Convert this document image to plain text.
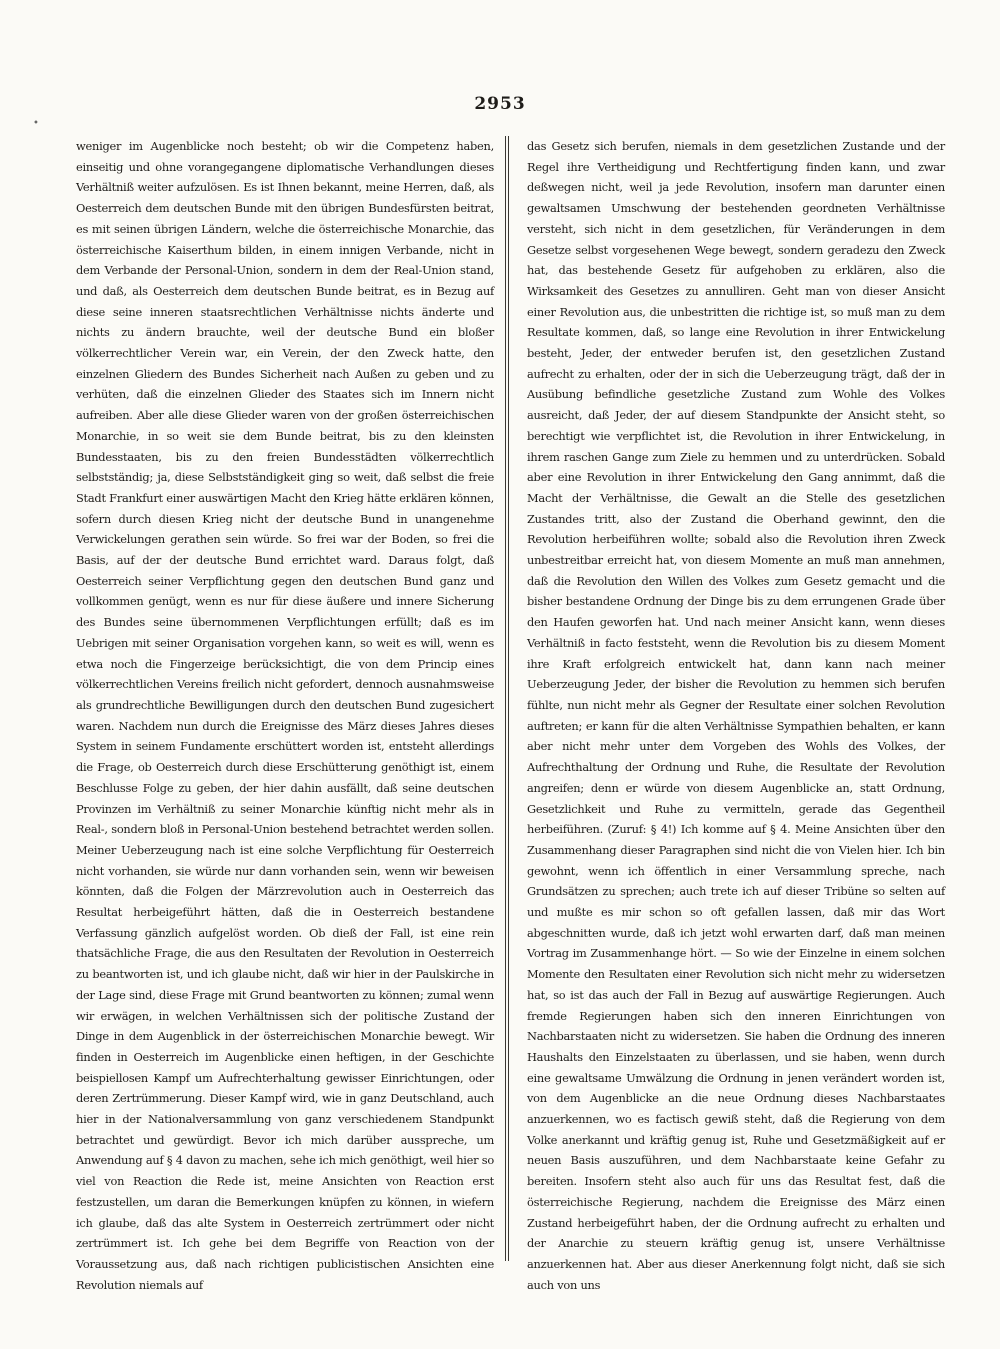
•
2953

weniger im Augenblicke noch besteht; ob wir die Competenz haben, einseitig und ohne vorangegangene diplomatische Verhandlungen dieses Verhältniß weiter aufzulösen. Es ist Ihnen bekannt, meine Herren, daß, als Oesterreich dem deutschen Bunde mit den übrigen Bundesfürsten beitrat, es mit seinen übrigen Ländern, welche die österreichische Monarchie, das österreichische Kaiserthum bilden, in einem innigen Verbande, nicht in dem Verbande der Personal-Union, sondern in dem der Real-Union stand, und daß, als Oesterreich dem deutschen Bunde beitrat, es in Bezug auf diese seine inneren staatsrechtlichen Verhältnisse nichts änderte und nichts zu ändern brauchte, weil der deutsche Bund ein bloßer völkerrechtlicher Verein war, ein Verein, der den Zweck hatte, den einzelnen Gliedern des Bundes Sicherheit nach Außen zu geben und zu verhüten, daß die einzelnen Glieder des Staates sich im Innern nicht aufreiben. Aber alle diese Glieder waren von der großen österreichischen Monarchie, in so weit sie dem Bunde beitrat, bis zu den kleinsten Bundesstaaten, bis zu den freien Bundesstädten völkerrechtlich selbstständig; ja, diese Selbstständigkeit ging so weit, daß selbst die freie Stadt Frankfurt einer auswärtigen Macht den Krieg hätte erklären können, sofern durch diesen Krieg nicht der deutsche Bund in unangenehme Verwickelungen gerathen sein würde. So frei war der Boden, so frei die Basis, auf der der deutsche Bund errichtet ward. Daraus folgt, daß Oesterreich seiner Verpflichtung gegen den deutschen Bund ganz und vollkommen genügt, wenn es nur für diese äußere und innere Sicherung des Bundes seine übernommenen Verpflichtungen erfüllt; daß es im Uebrigen mit seiner Organisation vorgehen kann, so weit es will, wenn es etwa noch die Fingerzeige berücksichtigt, die von dem Princip eines völkerrechtlichen Vereins freilich nicht gefordert, dennoch ausnahmsweise als grundrechtliche Bewilligungen durch den deutschen Bund zugesichert waren. Nachdem nun durch die Ereignisse des März dieses Jahres dieses System in seinem Fundamente erschüttert worden ist, entsteht allerdings die Frage, ob Oesterreich durch diese Erschütterung genöthigt ist, einem Beschlusse Folge zu geben, der hier dahin ausfällt, daß seine deutschen Provinzen im Verhältniß zu seiner Monarchie künftig nicht mehr als in Real-, sondern bloß in Personal-Union bestehend betrachtet werden sollen. Meiner Ueberzeugung nach ist eine solche Verpflichtung für Oesterreich nicht vorhanden, sie würde nur dann vorhanden sein, wenn wir beweisen könnten, daß die Folgen der Märzrevolution auch in Oesterreich das Resultat herbeigeführt hätten, daß die in Oesterreich bestandene Verfassung gänzlich aufgelöst worden. Ob dieß der Fall, ist eine rein thatsächliche Frage, die aus den Resultaten der Revolution in Oesterreich zu beantworten ist, und ich glaube nicht, daß wir hier in der Paulskirche in der Lage sind, diese Frage mit Grund beantworten zu können; zumal wenn wir erwägen, in welchen Verhältnissen sich der politische Zustand der Dinge in dem Augenblick in der österreichischen Monarchie bewegt. Wir finden in Oesterreich im Augenblicke einen heftigen, in der Geschichte beispiellosen Kampf um Aufrechterhaltung gewisser Einrichtungen, oder deren Zertrümmerung. Dieser Kampf wird, wie in ganz Deutschland, auch hier in der Nationalversammlung von ganz verschiedenem Standpunkt betrachtet und gewürdigt. Bevor ich mich darüber ausspreche, um Anwendung auf § 4 davon zu machen, sehe ich mich genöthigt, weil hier so viel von Reaction die Rede ist, meine Ansichten von Reaction erst festzustellen, um daran die Bemerkungen knüpfen zu können, in wiefern ich glaube, daß das alte System in Oesterreich zertrümmert oder nicht zertrümmert ist. Ich gehe bei dem Begriffe von Reaction von der Voraussetzung aus, daß nach richtigen publicistischen Ansichten eine Revolution niemals auf

das Gesetz sich berufen, niemals in dem gesetzlichen Zustande und der Regel ihre Vertheidigung und Rechtfertigung finden kann, und zwar deßwegen nicht, weil ja jede Revolution, insofern man darunter einen gewaltsamen Umschwung der bestehenden geordneten Verhältnisse versteht, sich nicht in dem gesetzlichen, für Veränderungen in dem Gesetze selbst vorgesehenen Wege bewegt, sondern geradezu den Zweck hat, das bestehende Gesetz für aufgehoben zu erklären, also die Wirksamkeit des Gesetzes zu annulliren. Geht man von dieser Ansicht einer Revolution aus, die unbestritten die richtige ist, so muß man zu dem Resultate kommen, daß, so lange eine Revolution in ihrer Entwickelung besteht, Jeder, der entweder berufen ist, den gesetzlichen Zustand aufrecht zu erhalten, oder der in sich die Ueberzeugung trägt, daß der in Ausübung befindliche gesetzliche Zustand zum Wohle des Volkes ausreicht, daß Jeder, der auf diesem Standpunkte der Ansicht steht, so berechtigt wie verpflichtet ist, die Revolution in ihrer Entwickelung, in ihrem raschen Gange zum Ziele zu hemmen und zu unterdrücken. Sobald aber eine Revolution in ihrer Entwickelung den Gang annimmt, daß die Macht der Verhältnisse, die Gewalt an die Stelle des gesetzlichen Zustandes tritt, also der Zustand die Oberhand gewinnt, den die Revolution herbeiführen wollte; sobald also die Revolution ihren Zweck unbestreitbar erreicht hat, von diesem Momente an muß man annehmen, daß die Revolution den Willen des Volkes zum Gesetz gemacht und die bisher bestandene Ordnung der Dinge bis zu dem errungenen Grade über den Haufen geworfen hat. Und nach meiner Ansicht kann, wenn dieses Verhältniß in facto feststeht, wenn die Revolution bis zu diesem Moment ihre Kraft erfolgreich entwickelt hat, dann kann nach meiner Ueberzeugung Jeder, der bisher die Revolution zu hemmen sich berufen fühlte, nun nicht mehr als Gegner der Resultate einer solchen Revolution auftreten; er kann für die alten Verhältnisse Sympathien behalten, er kann aber nicht mehr unter dem Vorgeben des Wohls des Volkes, der Aufrechthaltung der Ordnung und Ruhe, die Resultate der Revolution angreifen; denn er würde von diesem Augenblicke an, statt Ordnung, Gesetzlichkeit und Ruhe zu vermitteln, gerade das Gegentheil herbeiführen. (Zuruf: § 4!) Ich komme auf § 4. Meine Ansichten über den Zusammenhang dieser Paragraphen sind nicht die von Vielen hier. Ich bin gewohnt, wenn ich öffentlich in einer Versammlung spreche, nach Grundsätzen zu sprechen; auch trete ich auf dieser Tribüne so selten auf und mußte es mir schon so oft gefallen lassen, daß mir das Wort abgeschnitten wurde, daß ich jetzt wohl erwarten darf, daß man meinen Vortrag im Zusammenhange hört. — So wie der Einzelne in einem solchen Momente den Resultaten einer Revolution sich nicht mehr zu widersetzen hat, so ist das auch der Fall in Bezug auf auswärtige Regierungen. Auch fremde Regierungen haben sich den inneren Einrichtungen von Nachbarstaaten nicht zu widersetzen. Sie haben die Ordnung des inneren Haushalts den Einzelstaaten zu überlassen, und sie haben, wenn durch eine gewaltsame Umwälzung die Ordnung in jenen verändert worden ist, von dem Augenblicke an die neue Ordnung dieses Nachbarstaates anzuerkennen, wo es factisch gewiß steht, daß die Regierung von dem Volke anerkannt und kräftig genug ist, Ruhe und Gesetzmäßigkeit auf er neuen Basis auszuführen, und dem Nachbarstaate keine Gefahr zu bereiten. Insofern steht also auch für uns das Resultat fest, daß die österreichische Regierung, nachdem die Ereignisse des März einen Zustand herbeigeführt haben, der die Ordnung aufrecht zu erhalten und der Anarchie zu steuern kräftig genug ist, unsere Verhältnisse anzuerkennen hat. Aber aus dieser Anerkennung folgt nicht, daß sie sich auch von uns
